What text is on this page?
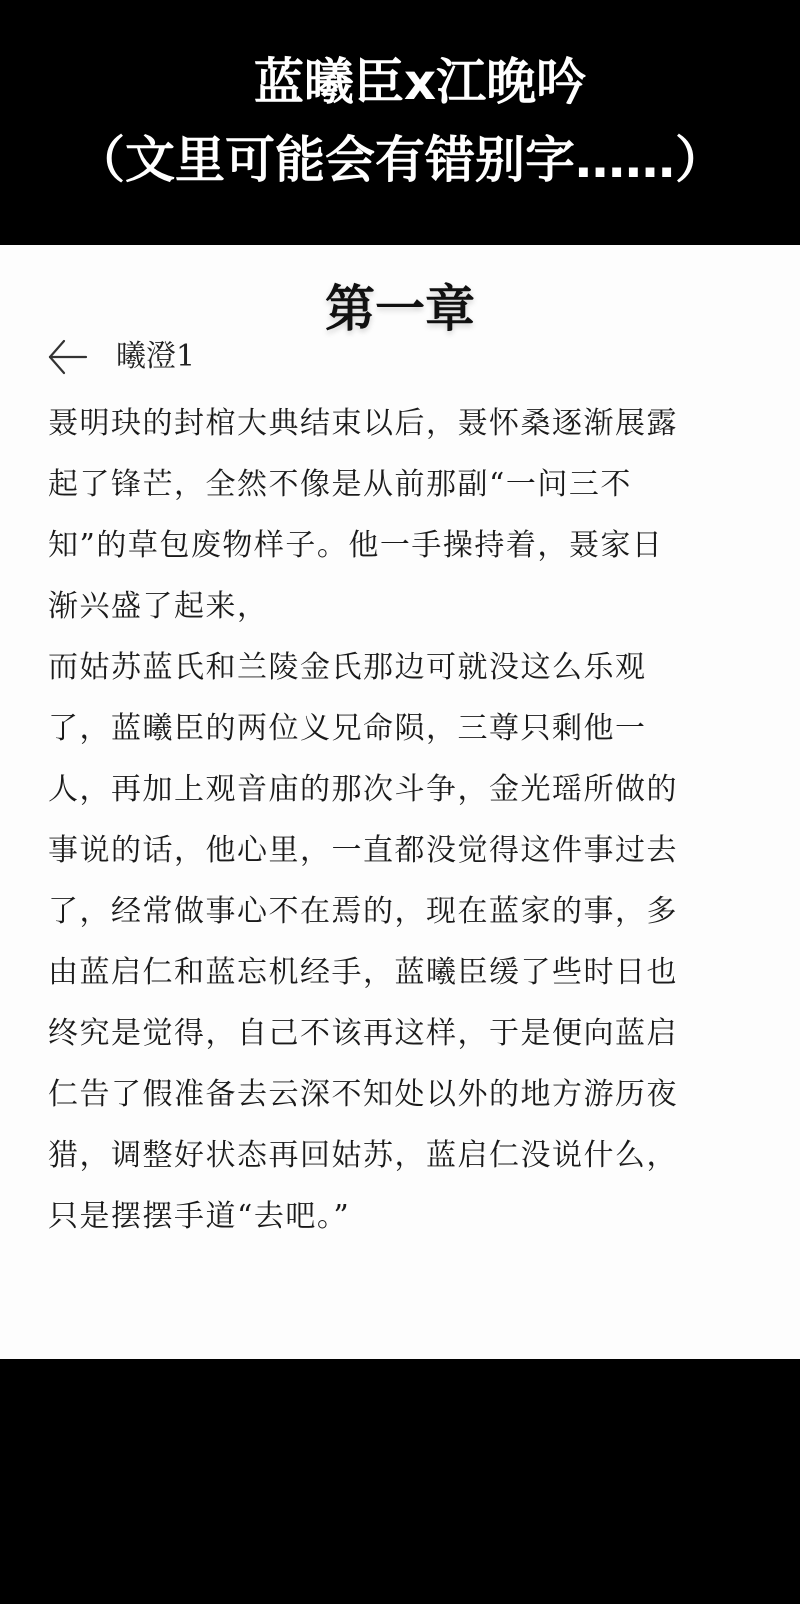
蓝曦臣x江晚吟
（文里可能会有错别字……）
第一章
曦澄1
聂明玦的封棺大典结束以后，聂怀桑逐渐展露
起了锋芒，全然不像是从前那副“一问三不
知”的草包废物样子。他一手操持着，聂家日
渐兴盛了起来，
而姑苏蓝氏和兰陵金氏那边可就没这么乐观
了，蓝曦臣的两位义兄命陨，三尊只剩他一
人，再加上观音庙的那次斗争，金光瑶所做的
事说的话，他心里，一直都没觉得这件事过去
了，经常做事心不在焉的，现在蓝家的事，多
由蓝启仁和蓝忘机经手，蓝曦臣缓了些时日也
终究是觉得，自己不该再这样，于是便向蓝启
仁告了假准备去云深不知处以外的地方游历夜
猎，调整好状态再回姑苏，蓝启仁没说什么，
只是摆摆手道“去吧。”
